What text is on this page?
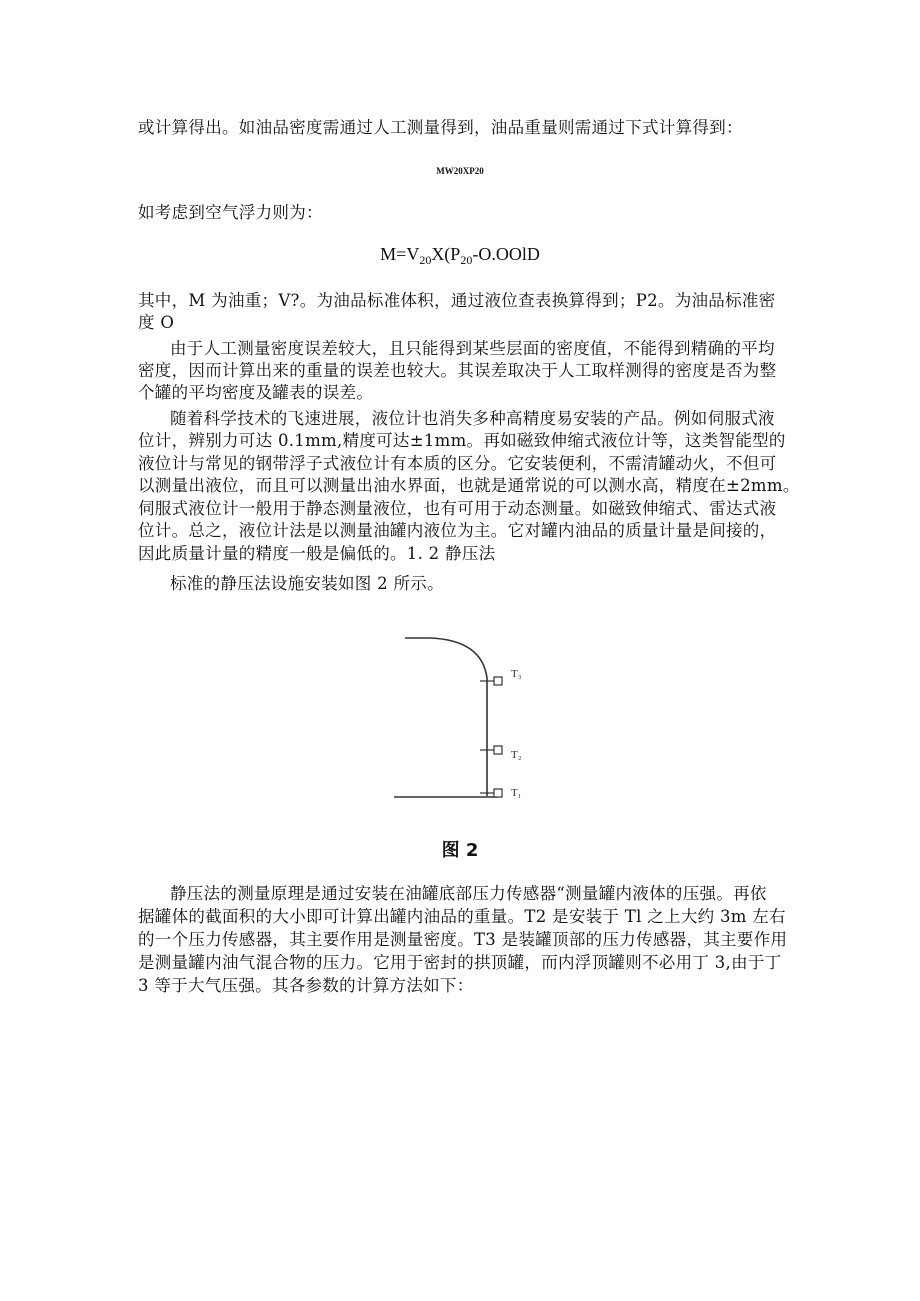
或计算得出。如油品密度需通过人工测量得到，油品重量则需通过下式计算得到：
MW20XP20
如考虑到空气浮力则为：
$M=V_{20}X(P_{20}-O.OOlD$
其中，M 为油重；V?。为油品标准体积，通过液位查表换算得到；P2。为油品标准密
度 O
由于人工测量密度误差较大，且只能得到某些层面的密度值，不能得到精确的平均
密度，因而计算出来的重量的误差也较大。其误差取决于人工取样测得的密度是否为整
个罐的平均密度及罐表的误差。
随着科学技术的飞速进展，液位计也消失多种高精度易安装的产品。例如伺服式液
位计，辨别力可达 0.1mm,精度可达±1mm。再如磁致伸缩式液位计等，这类智能型的
液位计与常见的钢带浮子式液位计有本质的区分。它安装便利，不需清罐动火，不但可
以测量出液位，而且可以测量出油水界面，也就是通常说的可以测水高，精度在±2mm。
伺服式液位计一般用于静态测量液位，也有可用于动态测量。如磁致伸缩式、雷达式液
位计。总之，液位计法是以测量油罐内液位为主。它对罐内油品的质量计量是间接的，
因此质量计量的精度一般是偏低的。1. 2 静压法
标准的静压法设施安装如图 2 所示。
T₃
T₂
T₁
图 2
静压法的测量原理是通过安装在油罐底部压力传感器“测量罐内液体的压强。再依
据罐体的截面积的大小即可计算出罐内油品的重量。T2 是安装于 Tl 之上大约 3m 左右
的一个压力传感器，其主要作用是测量密度。T3 是装罐顶部的压力传感器，其主要作用
是测量罐内油气混合物的压力。它用于密封的拱顶罐，而内浮顶罐则不必用丁 3,由于丁
3 等于大气压强。其各参数的计算方法如下：
